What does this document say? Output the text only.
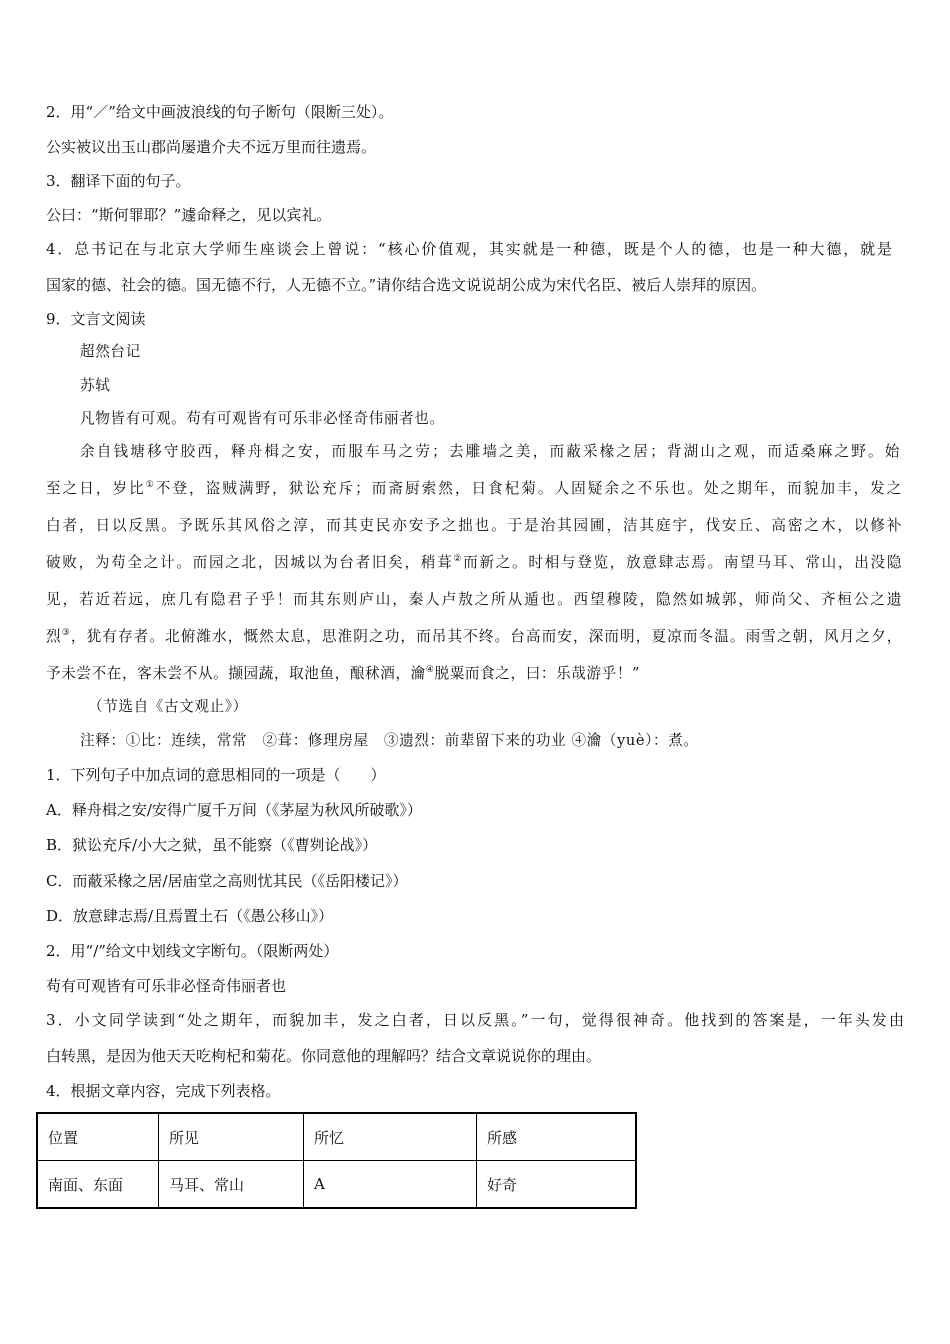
2．用“／”给文中画波浪线的句子断句（限断三处）。
公实被议出玉山郡尚屡遣介夫不远万里而往遗焉。
3．翻译下面的句子。
公曰：“斯何罪耶？”遽命释之，见以宾礼。
4．总书记在与北京大学师生座谈会上曾说：“核心价值观，其实就是一种德，既是个人的德，也是一种大德，就是
国家的德、社会的德。国无德不行，人无德不立。”请你结合选文说说胡公成为宋代名臣、被后人崇拜的原因。
9．文言文阅读
超然台记
苏轼
凡物皆有可观。苟有可观皆有可乐非必怪奇伟丽者也。
余自钱塘移守胶西，释舟楫之安，而服车马之劳；去雕墙之美，而蔽采椽之居；背湖山之观，而适桑麻之野。始
至之日，岁比①不登，盗贼满野，狱讼充斥；而斋厨索然，日食杞菊。人固疑余之不乐也。处之期年，而貌加丰，发之
白者，日以反黑。予既乐其风俗之淳，而其吏民亦安予之拙也。于是治其园圃，洁其庭宇，伐安丘、高密之木，以修补
破败，为苟全之计。而园之北，因城以为台者旧矣，稍葺②而新之。时相与登览，放意肆志焉。南望马耳、常山，出没隐
见，若近若远，庶几有隐君子乎！而其东则庐山，秦人卢敖之所从遁也。西望穆陵，隐然如城郭，师尚父、齐桓公之遗
烈③，犹有存者。北俯潍水，慨然太息，思淮阴之功，而吊其不终。台高而安，深而明，夏凉而冬温。雨雪之朝，风月之夕，
予未尝不在，客未尝不从。撷园蔬，取池鱼，酿秫酒，瀹④脱粟而食之，曰：乐哉游乎！”
（节选自《古文观止》）
注释：①比：连续，常常　②葺：修理房屋　③遗烈：前辈留下来的功业 ④瀹（yuè）：煮。
1．下列句子中加点词的意思相同的一项是（　　）
A．释舟楫之安/安得广厦千万间（《茅屋为秋风所破歌》）
B．狱讼充斥/小大之狱，虽不能察（《曹刿论战》）
C．而蔽采椽之居/居庙堂之高则忧其民（《岳阳楼记》）
D．放意肆志焉/且焉置土石（《愚公移山》）
2．用“/”给文中划线文字断句。（限断两处）
苟有可观皆有可乐非必怪奇伟丽者也
3．小文同学读到“处之期年，而貌加丰，发之白者，日以反黑。”一句，觉得很神奇。他找到的答案是，一年头发由
白转黑，是因为他天天吃枸杞和菊花。你同意他的理解吗？结合文章说说你的理由。
4．根据文章内容，完成下列表格。
位置	所见	所忆	所感
南面、东面	马耳、常山	A	好奇
